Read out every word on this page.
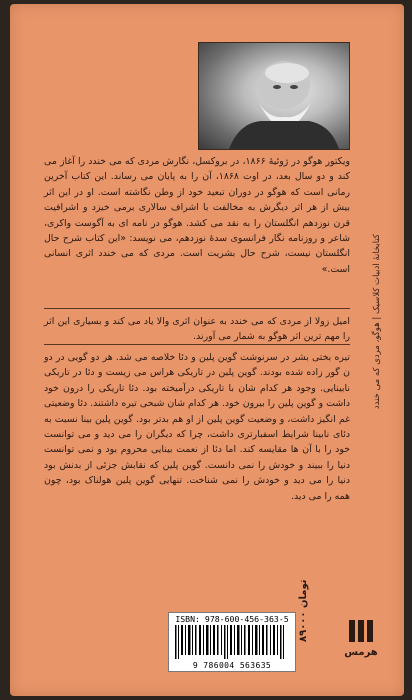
ویکتور هوگو در ژوئیهٔ ۱۸۶۶، در بروکسل، نگارش مردی که می خندد را آغاز می کند و دو سال بعد، در اوت ۱۸۶۸، آن را به پایان می رساند. این کتاب آخرین رمانی است که هوگو در دوران تبعید خود از وطن نگاشته است. او در این اثر بیش از هر اثر دیگرش به مخالفت با اشراف سالاری برمی خیزد و اشرافیت قرن نوزدهم انگلستان را به نقد می کشد. هوگو در نامه ای به آگوست واکری، شاعر و روزنامه نگار فرانسوی سدهٔ نوزدهم، می نویسد: «این کتاب شرح حال انگلستان نیست، شرح حال بشریت است. مردی که می خندد اثری انسانی است.»
امیل زولا از مردی که می خندد به عنوان اثری والا یاد می کند و بسیاری این اثر را مهم ترین اثر هوگو به شمار می آورند.
تیره بختی بشر در سرنوشت گوین پلین و دئا خلاصه می شد. هر دو گویی در دو ن گور زاده شده بودند. گوین پلین در تاریکی هراس می زیست و دئا در تاریکی نابینایی. وجود هر کدام شان با تاریکی درآمیخته بود. دئا تاریکی را درون خود داشت و گوین پلین را بیرون خود. هر کدام شان شبحی تیره داشتند. دئا وضعیتی غم انگیز داشت، و وضعیت گوین پلین از او هم بدتر بود. گوین پلین بینا نسبت به دئای نابینا شرایط اسفبارتری داشت، چرا که دیگران را می دید و می توانست خود را با آن ها مقایسه کند. اما دئا از نعمت بینایی محروم بود و نمی توانست دنیا را ببیند و خودش را نمی دانست. گوین پلین که نقابش جزئی از بدنش بود دنیا را می دید و خودش را نمی شناخت. تنهایی گوین پلین هولناک بود، چون همه را می دید.
کتابخانهٔ ادبیات کلاسیک | هوگو، مردی که می خندد
ISBN: 978-600-456-363-5
9 786004 563635
۸۹۰۰۰ تومان
هرمس
